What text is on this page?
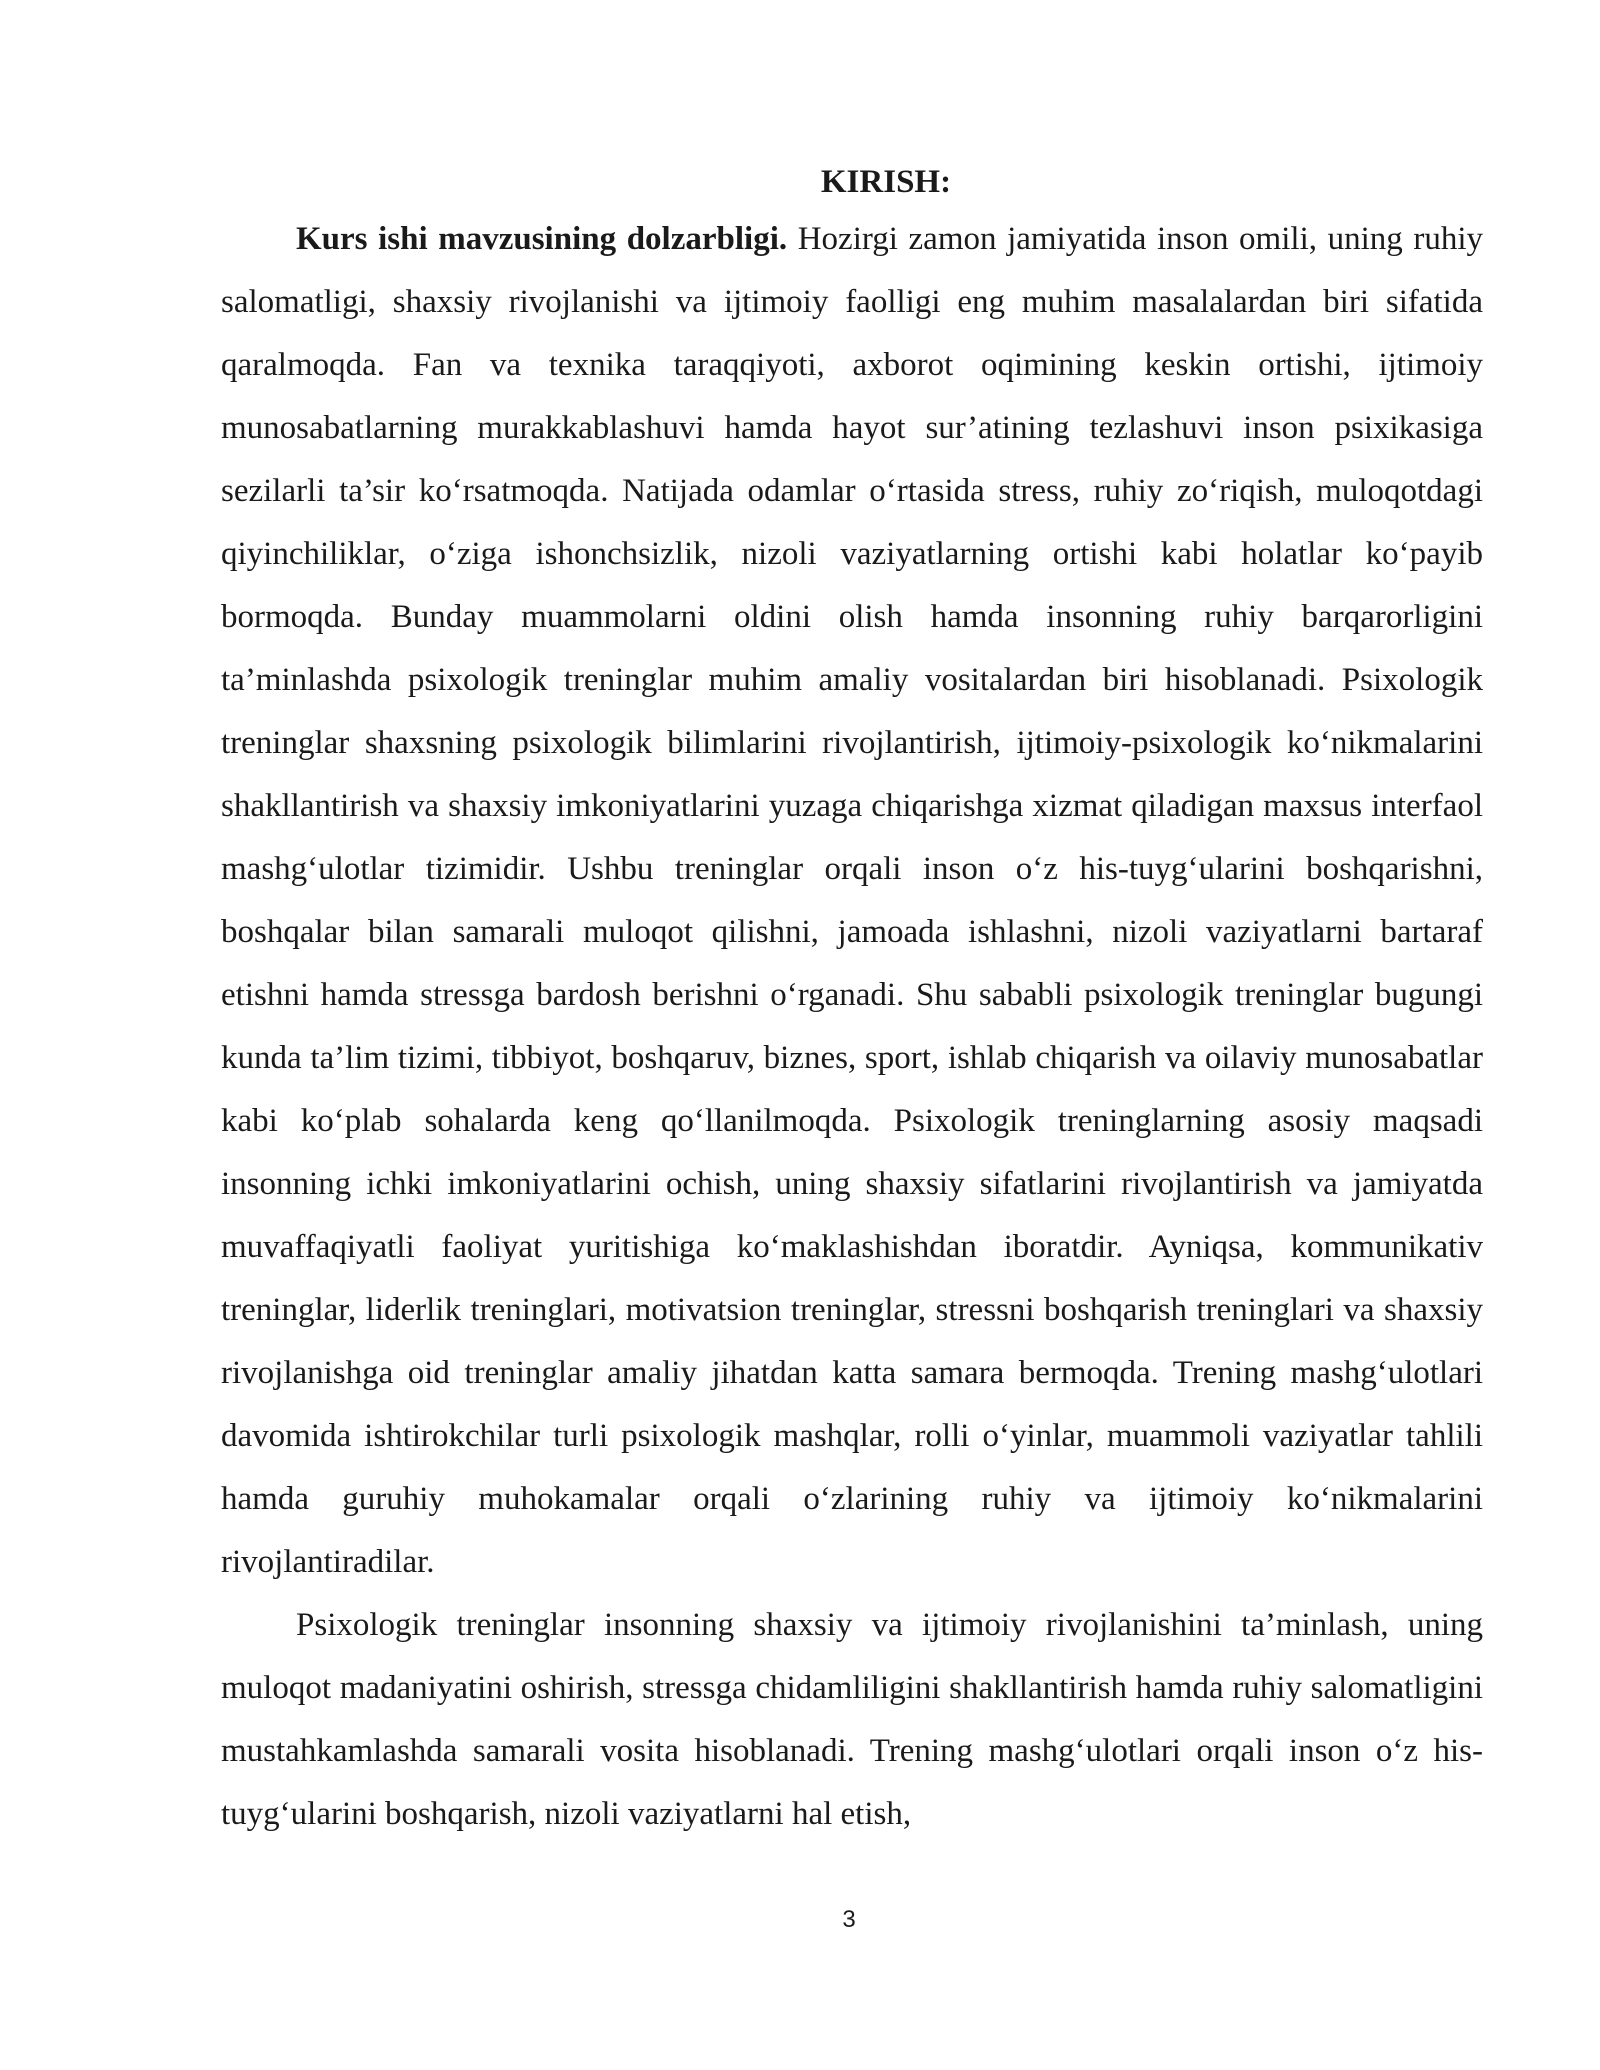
KIRISH:

Kurs ishi mavzusining dolzarbligi. Hozirgi zamon jamiyatida inson omili, uning ruhiy salomatligi, shaxsiy rivojlanishi va ijtimoiy faolligi eng muhim masalalardan biri sifatida qaralmoqda. Fan va texnika taraqqiyoti, axborot oqimining keskin ortishi, ijtimoiy munosabatlarning murakkablashuvi hamda hayot sur’atining tezlashuvi inson psixikasiga sezilarli ta’sir ko‘rsatmoqda. Natijada odamlar o‘rtasida stress, ruhiy zo‘riqish, muloqotdagi qiyinchiliklar, o‘ziga ishonchsizlik, nizoli vaziyatlarning ortishi kabi holatlar ko‘payib bormoqda. Bunday muammolarni oldini olish hamda insonning ruhiy barqarorligini ta’minlashda psixologik treninglar muhim amaliy vositalardan biri hisoblanadi. Psixologik treninglar shaxsning psixologik bilimlarini rivojlantirish, ijtimoiy-psixologik ko‘nikmalarini shakllantirish va shaxsiy imkoniyatlarini yuzaga chiqarishga xizmat qiladigan maxsus interfaol mashg‘ulotlar tizimidir. Ushbu treninglar orqali inson o‘z his-tuyg‘ularini boshqarishni, boshqalar bilan samarali muloqot qilishni, jamoada ishlashni, nizoli vaziyatlarni bartaraf etishni hamda stressga bardosh berishni o‘rganadi. Shu sababli psixologik treninglar bugungi kunda ta’lim tizimi, tibbiyot, boshqaruv, biznes, sport, ishlab chiqarish va oilaviy munosabatlar kabi ko‘plab sohalarda keng qo‘llanilmoqda. Psixologik treninglarning asosiy maqsadi insonning ichki imkoniyatlarini ochish, uning shaxsiy sifatlarini rivojlantirish va jamiyatda muvaffaqiyatli faoliyat yuritishiga ko‘maklashishdan iboratdir. Ayniqsa, kommunikativ treninglar, liderlik treninglari, motivatsion treninglar, stressni boshqarish treninglari va shaxsiy rivojlanishga oid treninglar amaliy jihatdan katta samara bermoqda. Trening mashg‘ulotlari davomida ishtirokchilar turli psixologik mashqlar, rolli o‘yinlar, muammoli vaziyatlar tahlili hamda guruhiy muhokamalar orqali o‘zlarining ruhiy va ijtimoiy ko‘nikmalarini rivojlantiradilar.

Psixologik treninglar insonning shaxsiy va ijtimoiy rivojlanishini ta’minlash, uning muloqot madaniyatini oshirish, stressga chidamliligini shakllantirish hamda ruhiy salomatligini mustahkamlashda samarali vosita hisoblanadi. Trening mashg‘ulotlari orqali inson o‘z his-tuyg‘ularini boshqarish, nizoli vaziyatlarni hal etish,

3
